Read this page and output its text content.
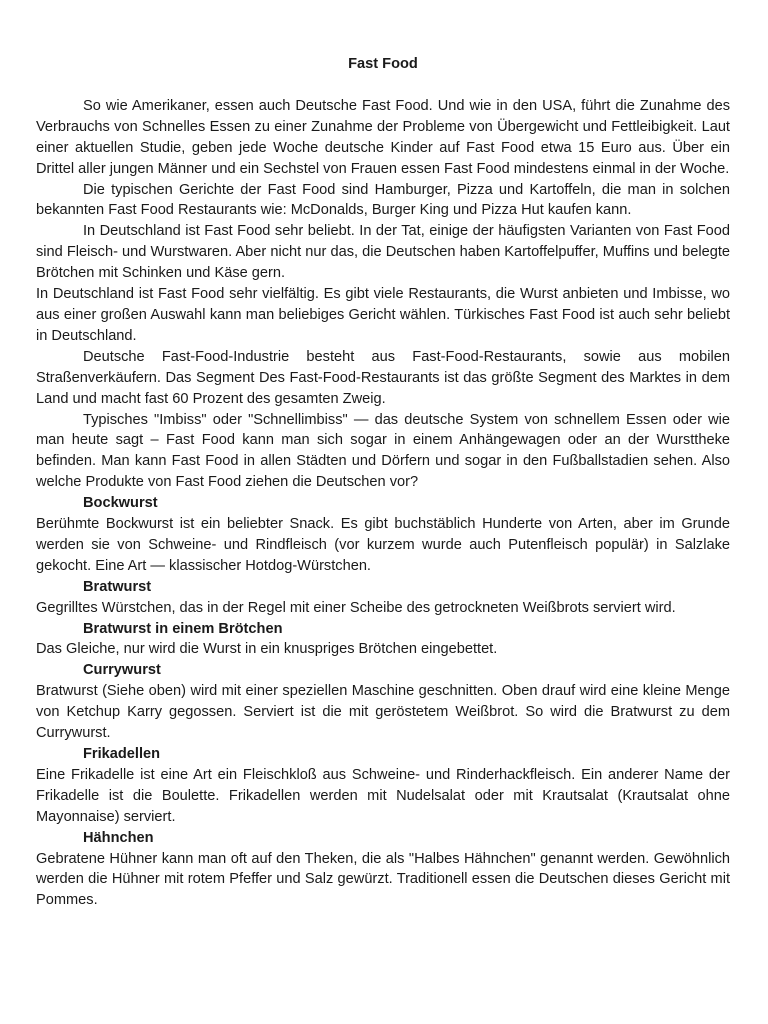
Fast Food

So wie Amerikaner, essen auch Deutsche Fast Food. Und wie in den USA, führt die Zunahme des Verbrauchs von Schnelles Essen zu einer Zunahme der Probleme von Übergewicht und Fettleibigkeit. Laut einer aktuellen Studie, geben jede Woche deutsche Kinder auf Fast Food etwa 15 Euro aus. Über ein Drittel aller jungen Männer und ein Sechstel von Frauen essen Fast Food mindestens einmal in der Woche.

Die typischen Gerichte der Fast Food sind Hamburger, Pizza und Kartoffeln, die man in solchen bekannten Fast Food Restaurants wie: McDonalds, Burger King und Pizza Hut kaufen kann.

In Deutschland ist Fast Food sehr beliebt. In der Tat, einige der häufigsten Varianten von Fast Food sind Fleisch- und Wurstwaren. Aber nicht nur das, die Deutschen haben Kartoffelpuffer, Muffins und belegte Brötchen mit Schinken und Käse gern.

In Deutschland ist Fast Food sehr vielfältig. Es gibt viele Restaurants, die Wurst anbieten und Imbisse, wo aus einer großen Auswahl kann man beliebiges Gericht wählen. Türkisches Fast Food ist auch sehr beliebt in Deutschland.

Deutsche Fast-Food-Industrie besteht aus Fast-Food-Restaurants, sowie aus mobilen Straßenverkäufern. Das Segment Des Fast-Food-Restaurants ist das größte Segment des Marktes in dem Land und macht fast 60 Prozent des gesamten Zweig.

Typisches "Imbiss" oder "Schnellimbiss" — das deutsche System von schnellem Essen oder wie man heute sagt – Fast Food kann man sich sogar in einem Anhängewagen oder an der Wursttheke befinden. Man kann Fast Food in allen Städten und Dörfern und sogar in den Fußballstadien sehen. Also welche Produkte von Fast Food ziehen die Deutschen vor?

Bockwurst

Berühmte Bockwurst ist ein beliebter Snack. Es gibt buchstäblich Hunderte von Arten, aber im Grunde werden sie von Schweine- und Rindfleisch (vor kurzem wurde auch Putenfleisch populär) in Salzlake gekocht. Eine Art — klassischer Hotdog-Würstchen.

Bratwurst

Gegrilltes Würstchen, das in der Regel mit einer Scheibe des getrockneten Weißbrots serviert wird.

Bratwurst in einem Brötchen

Das Gleiche, nur wird die Wurst in ein knuspriges Brötchen eingebettet.

Currywurst

Bratwurst (Siehe oben) wird mit einer speziellen Maschine geschnitten. Oben drauf wird eine kleine Menge von Ketchup Karry gegossen. Serviert ist die mit geröstetem Weißbrot. So wird die Bratwurst zu dem Currywurst.

Frikadellen

Eine Frikadelle ist eine Art ein Fleischkloß aus Schweine- und Rinderhackfleisch. Ein anderer Name der Frikadelle ist die Boulette. Frikadellen werden mit Nudelsalat oder mit Krautsalat (Krautsalat ohne Mayonnaise) serviert.

Hähnchen

Gebratene Hühner kann man oft auf den Theken, die als "Halbes Hähnchen" genannt werden. Gewöhnlich werden die Hühner mit rotem Pfeffer und Salz gewürzt. Traditionell essen die Deutschen dieses Gericht mit Pommes.
